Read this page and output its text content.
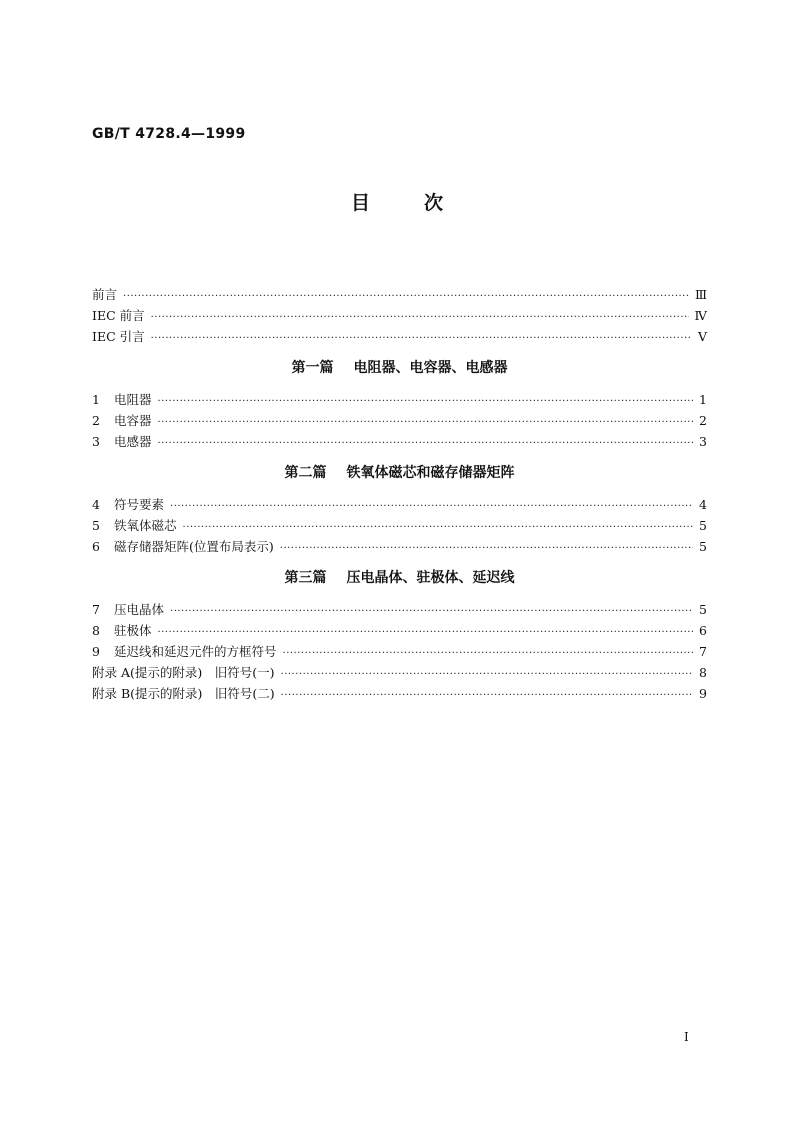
GB/T 4728.4—1999
目次
前言 ·····	Ⅲ
IEC 前言 ·····	Ⅳ
IEC 引言 ·····	Ⅴ
第一篇 电阻器、电容器、电感器
1	电阻器 ·····	1
2	电容器 ·····	2
3	电感器 ·····	3
第二篇 铁氧体磁芯和磁存储器矩阵
4	符号要素 ·····	4
5	铁氧体磁芯 ·····	5
6	磁存储器矩阵(位置布局表示) ·····	5
第三篇 压电晶体、驻极体、延迟线
7	压电晶体 ·····	5
8	驻极体 ·····	6
9	延迟线和延迟元件的方框符号 ·····	7
附录 A(提示的附录)　旧符号(一) ·····	8
附录 B(提示的附录)　旧符号(二) ·····	9
Ⅰ
